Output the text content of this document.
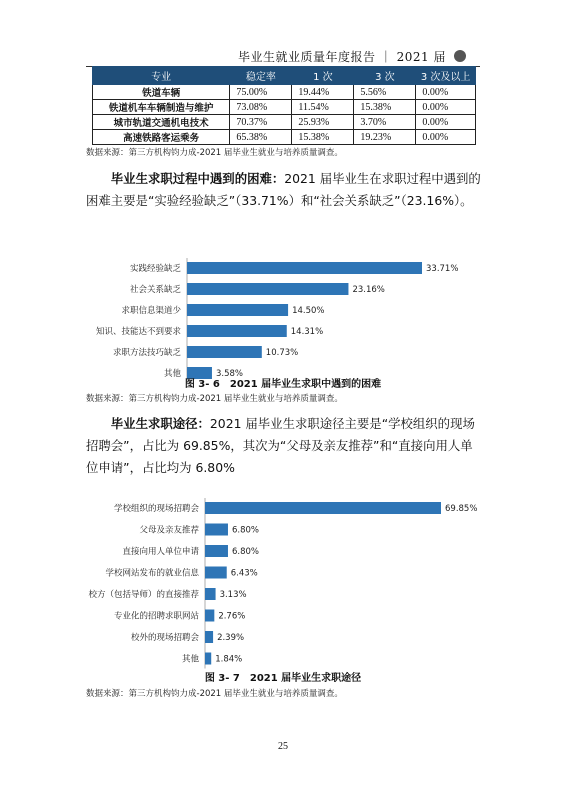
毕业生就业质量年度报告 ｜ 2021 届
专业	稳定率	1 次	3 次	3 次及以上
铁道车辆	75.00%	19.44%	5.56%	0.00%
铁道机车车辆制造与维护	73.08%	11.54%	15.38%	0.00%
城市轨道交通机电技术	70.37%	25.93%	3.70%	0.00%
高速铁路客运乘务	65.38%	15.38%	19.23%	0.00%
数据来源：第三方机构钧力成-2021 届毕业生就业与培养质量调查。
毕业生求职过程中遇到的困难：2021 届毕业生在求职过程中遇到的困难主要是“实验经验缺乏”（33.71%）和“社会关系缺乏”（23.16%）。
实践经验缺乏	33.71%
社会关系缺乏	23.16%
求职信息渠道少	14.50%
知识、技能达不到要求	14.31%
求职方法技巧缺乏	10.73%
其他	3.58%
图 3- 6　2021 届毕业生求职中遇到的困难
数据来源：第三方机构钧力成-2021 届毕业生就业与培养质量调查。
毕业生求职途径：2021 届毕业生求职途径主要是“学校组织的现场招聘会”，占比为 69.85%，其次为“父母及亲友推荐”和“直接向用人单位申请”，占比均为 6.80%
学校组织的现场招聘会	69.85%
父母及亲友推荐	6.80%
直接向用人单位申请	6.80%
学校网站发布的就业信息	6.43%
校方（包括导师）的直接推荐 3.13%
专业化的招聘求职网站 2.76%
校外的现场招聘会 2.39%
其他 1.84%
图 3- 7　2021 届毕业生求职途径
数据来源：第三方机构钧力成-2021 届毕业生就业与培养质量调查。
25
